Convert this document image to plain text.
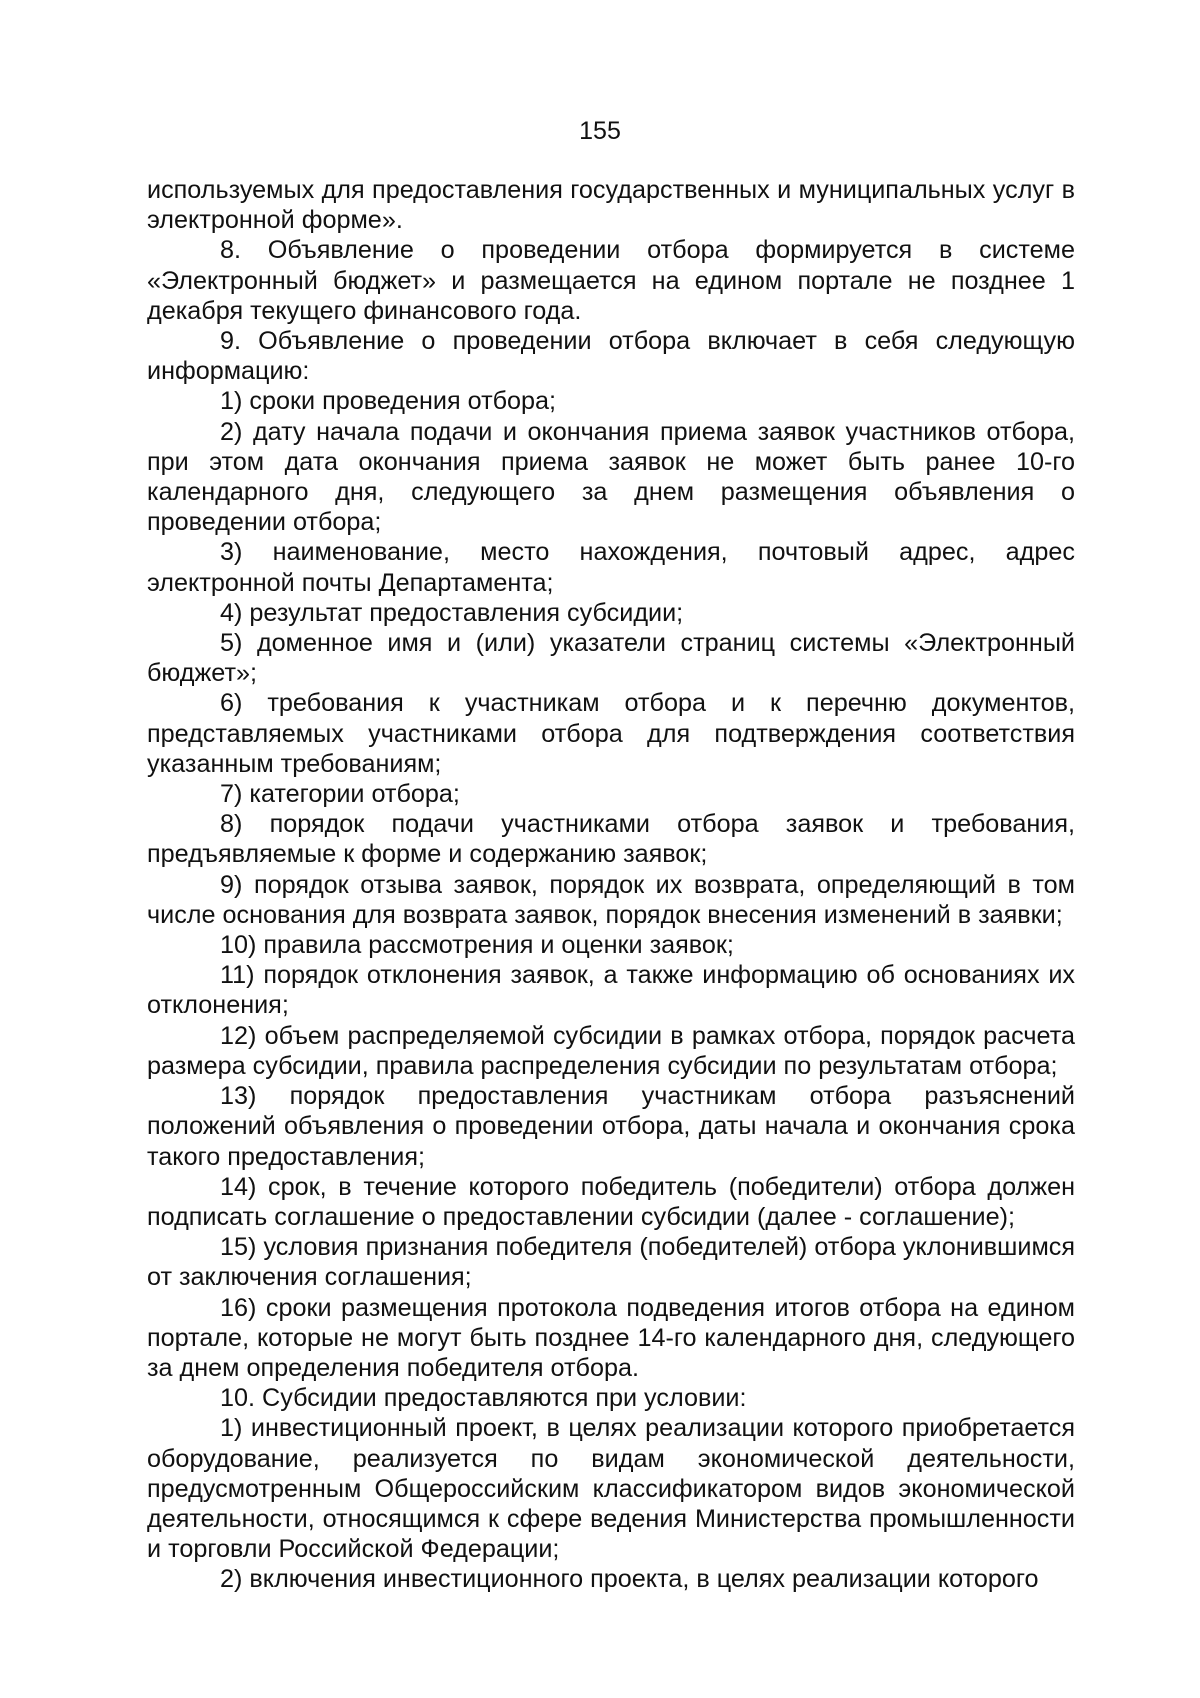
155

используемых для предоставления государственных и муниципальных услуг в электронной форме».

8. Объявление о проведении отбора формируется в системе «Электронный бюджет» и размещается на едином портале не позднее 1 декабря текущего финансового года.

9. Объявление о проведении отбора включает в себя следующую информацию:

1) сроки проведения отбора;

2) дату начала подачи и окончания приема заявок участников отбора, при этом дата окончания приема заявок не может быть ранее 10-го календарного дня, следующего за днем размещения объявления о проведении отбора;

3) наименование, место нахождения, почтовый адрес, адрес электронной почты Департамента;

4) результат предоставления субсидии;

5) доменное имя и (или) указатели страниц системы «Электронный бюджет»;

6) требования к участникам отбора и к перечню документов, представляемых участниками отбора для подтверждения соответствия указанным требованиям;

7) категории отбора;

8) порядок подачи участниками отбора заявок и требования, предъявляемые к форме и содержанию заявок;

9) порядок отзыва заявок, порядок их возврата, определяющий в том числе основания для возврата заявок, порядок внесения изменений в заявки;

10) правила рассмотрения и оценки заявок;

11) порядок отклонения заявок, а также информацию об основаниях их отклонения;

12) объем распределяемой субсидии в рамках отбора, порядок расчета размера субсидии, правила распределения субсидии по результатам отбора;

13) порядок предоставления участникам отбора разъяснений положений объявления о проведении отбора, даты начала и окончания срока такого предоставления;

14) срок, в течение которого победитель (победители) отбора должен подписать соглашение о предоставлении субсидии (далее - соглашение);

15) условия признания победителя (победителей) отбора уклонившимся от заключения соглашения;

16) сроки размещения протокола подведения итогов отбора на едином портале, которые не могут быть позднее 14-го календарного дня, следующего за днем определения победителя отбора.

10. Субсидии предоставляются при условии:

1) инвестиционный проект, в целях реализации которого приобретается оборудование, реализуется по видам экономической деятельности, предусмотренным Общероссийским классификатором видов экономической деятельности, относящимся к сфере ведения Министерства промышленности и торговли Российской Федерации;

2) включения инвестиционного проекта, в целях реализации которого
